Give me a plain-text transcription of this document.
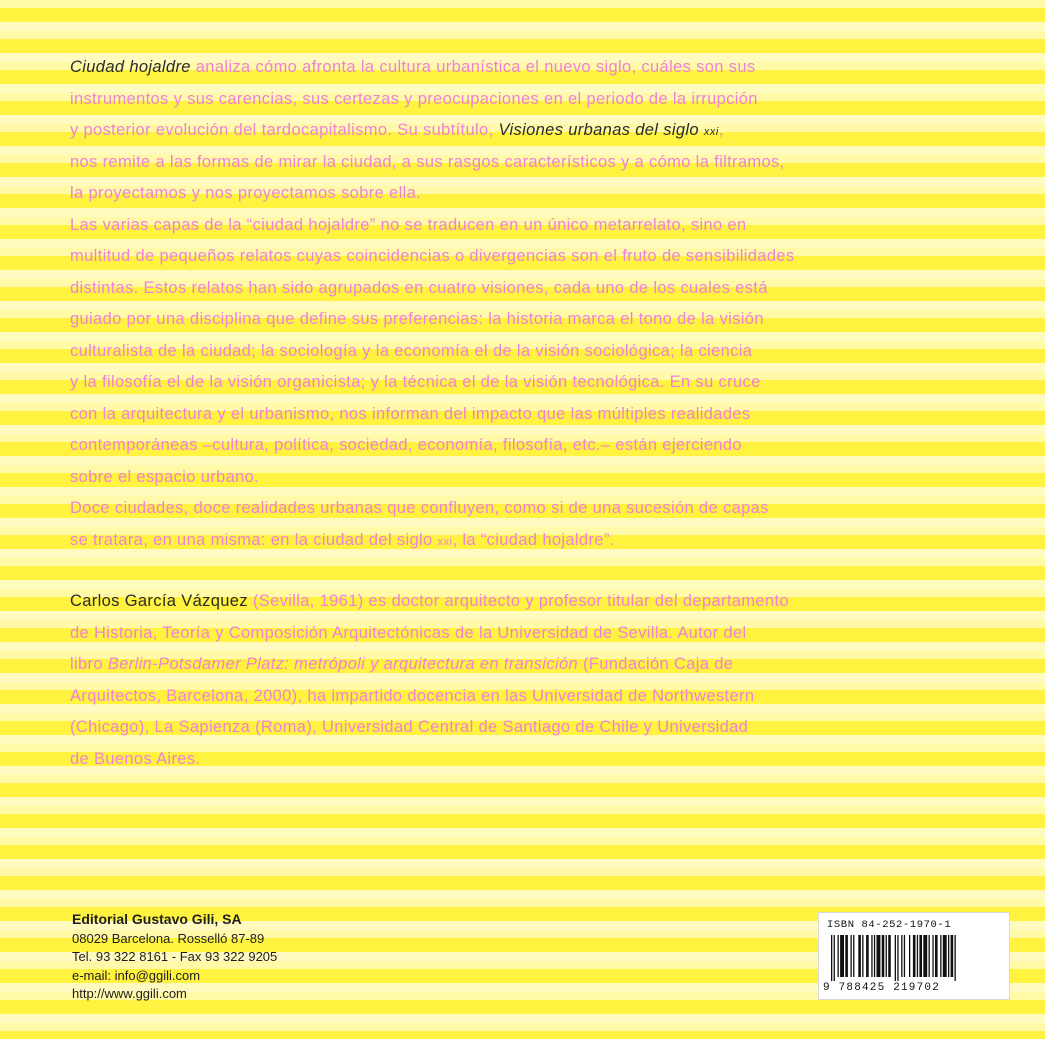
Ciudad hojaldre analiza cómo afronta la cultura urbanística el nuevo siglo, cuáles son sus
instrumentos y sus carencias, sus certezas y preocupaciones en el periodo de la irrupción
y posterior evolución del tardocapitalismo. Su subtítulo, Visiones urbanas del siglo xxi,
nos remite a las formas de mirar la ciudad, a sus rasgos característicos y a cómo la filtramos,
la proyectamos y nos proyectamos sobre ella.
Las varias capas de la “ciudad hojaldre” no se traducen en un único metarrelato, sino en
multitud de pequeños relatos cuyas coincidencias o divergencias son el fruto de sensibilidades
distintas. Estos relatos han sido agrupados en cuatro visiones, cada uno de los cuales está
guiado por una disciplina que define sus preferencias: la historia marca el tono de la visión
culturalista de la ciudad; la sociología y la economía el de la visión sociológica; la ciencia
y la filosofía el de la visión organicista; y la técnica el de la visión tecnológica. En su cruce
con la arquitectura y el urbanismo, nos informan del impacto que las múltiples realidades
contemporáneas –cultura, política, sociedad, economía, filosofía, etc.– están ejerciendo
sobre el espacio urbano.
Doce ciudades, doce realidades urbanas que confluyen, como si de una sucesión de capas
se tratara, en una misma: en la ciudad del siglo xxi, la “ciudad hojaldre”.
Carlos García Vázquez (Sevilla, 1961) es doctor arquitecto y profesor titular del departamento
de Historia, Teoría y Composición Arquitectónicas de la Universidad de Sevilla. Autor del
libro Berlin-Potsdamer Platz: metrópoli y arquitectura en transición (Fundación Caja de
Arquitectos, Barcelona, 2000), ha impartido docencia en las Universidad de Northwestern
(Chicago), La Sapienza (Roma), Universidad Central de Santiago de Chile y Universidad
de Buenos Aires.
Editorial Gustavo Gili, SA
08029 Barcelona. Rosselló 87-89
Tel. 93 322 8161 - Fax 93 322 9205
e-mail: info@ggili.com
http://www.ggili.com
ISBN 84-252-1970-1
9 788425 219702
